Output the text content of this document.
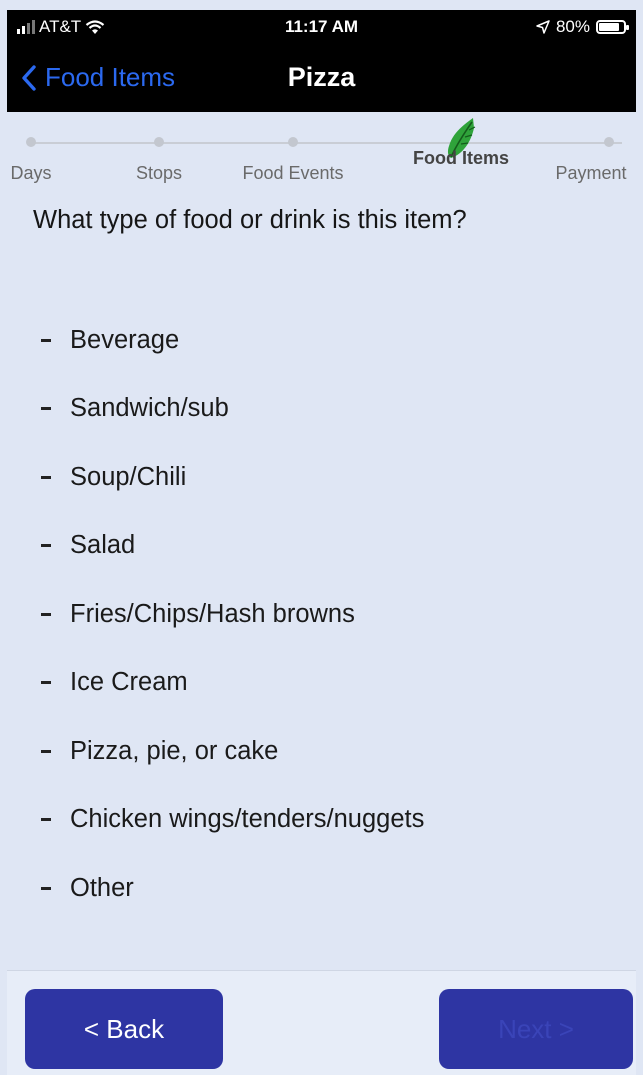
AT&T	11:17 AM	80%
Food Items	Pizza
Days	Stops	Food Events
Food Items
Payment
What type of food or drink is this item?
Beverage
Sandwich/sub
Soup/Chili
Salad
Fries/Chips/Hash browns
Ice Cream
Pizza, pie, or cake
Chicken wings/tenders/nuggets
Other
< Back	Next >
